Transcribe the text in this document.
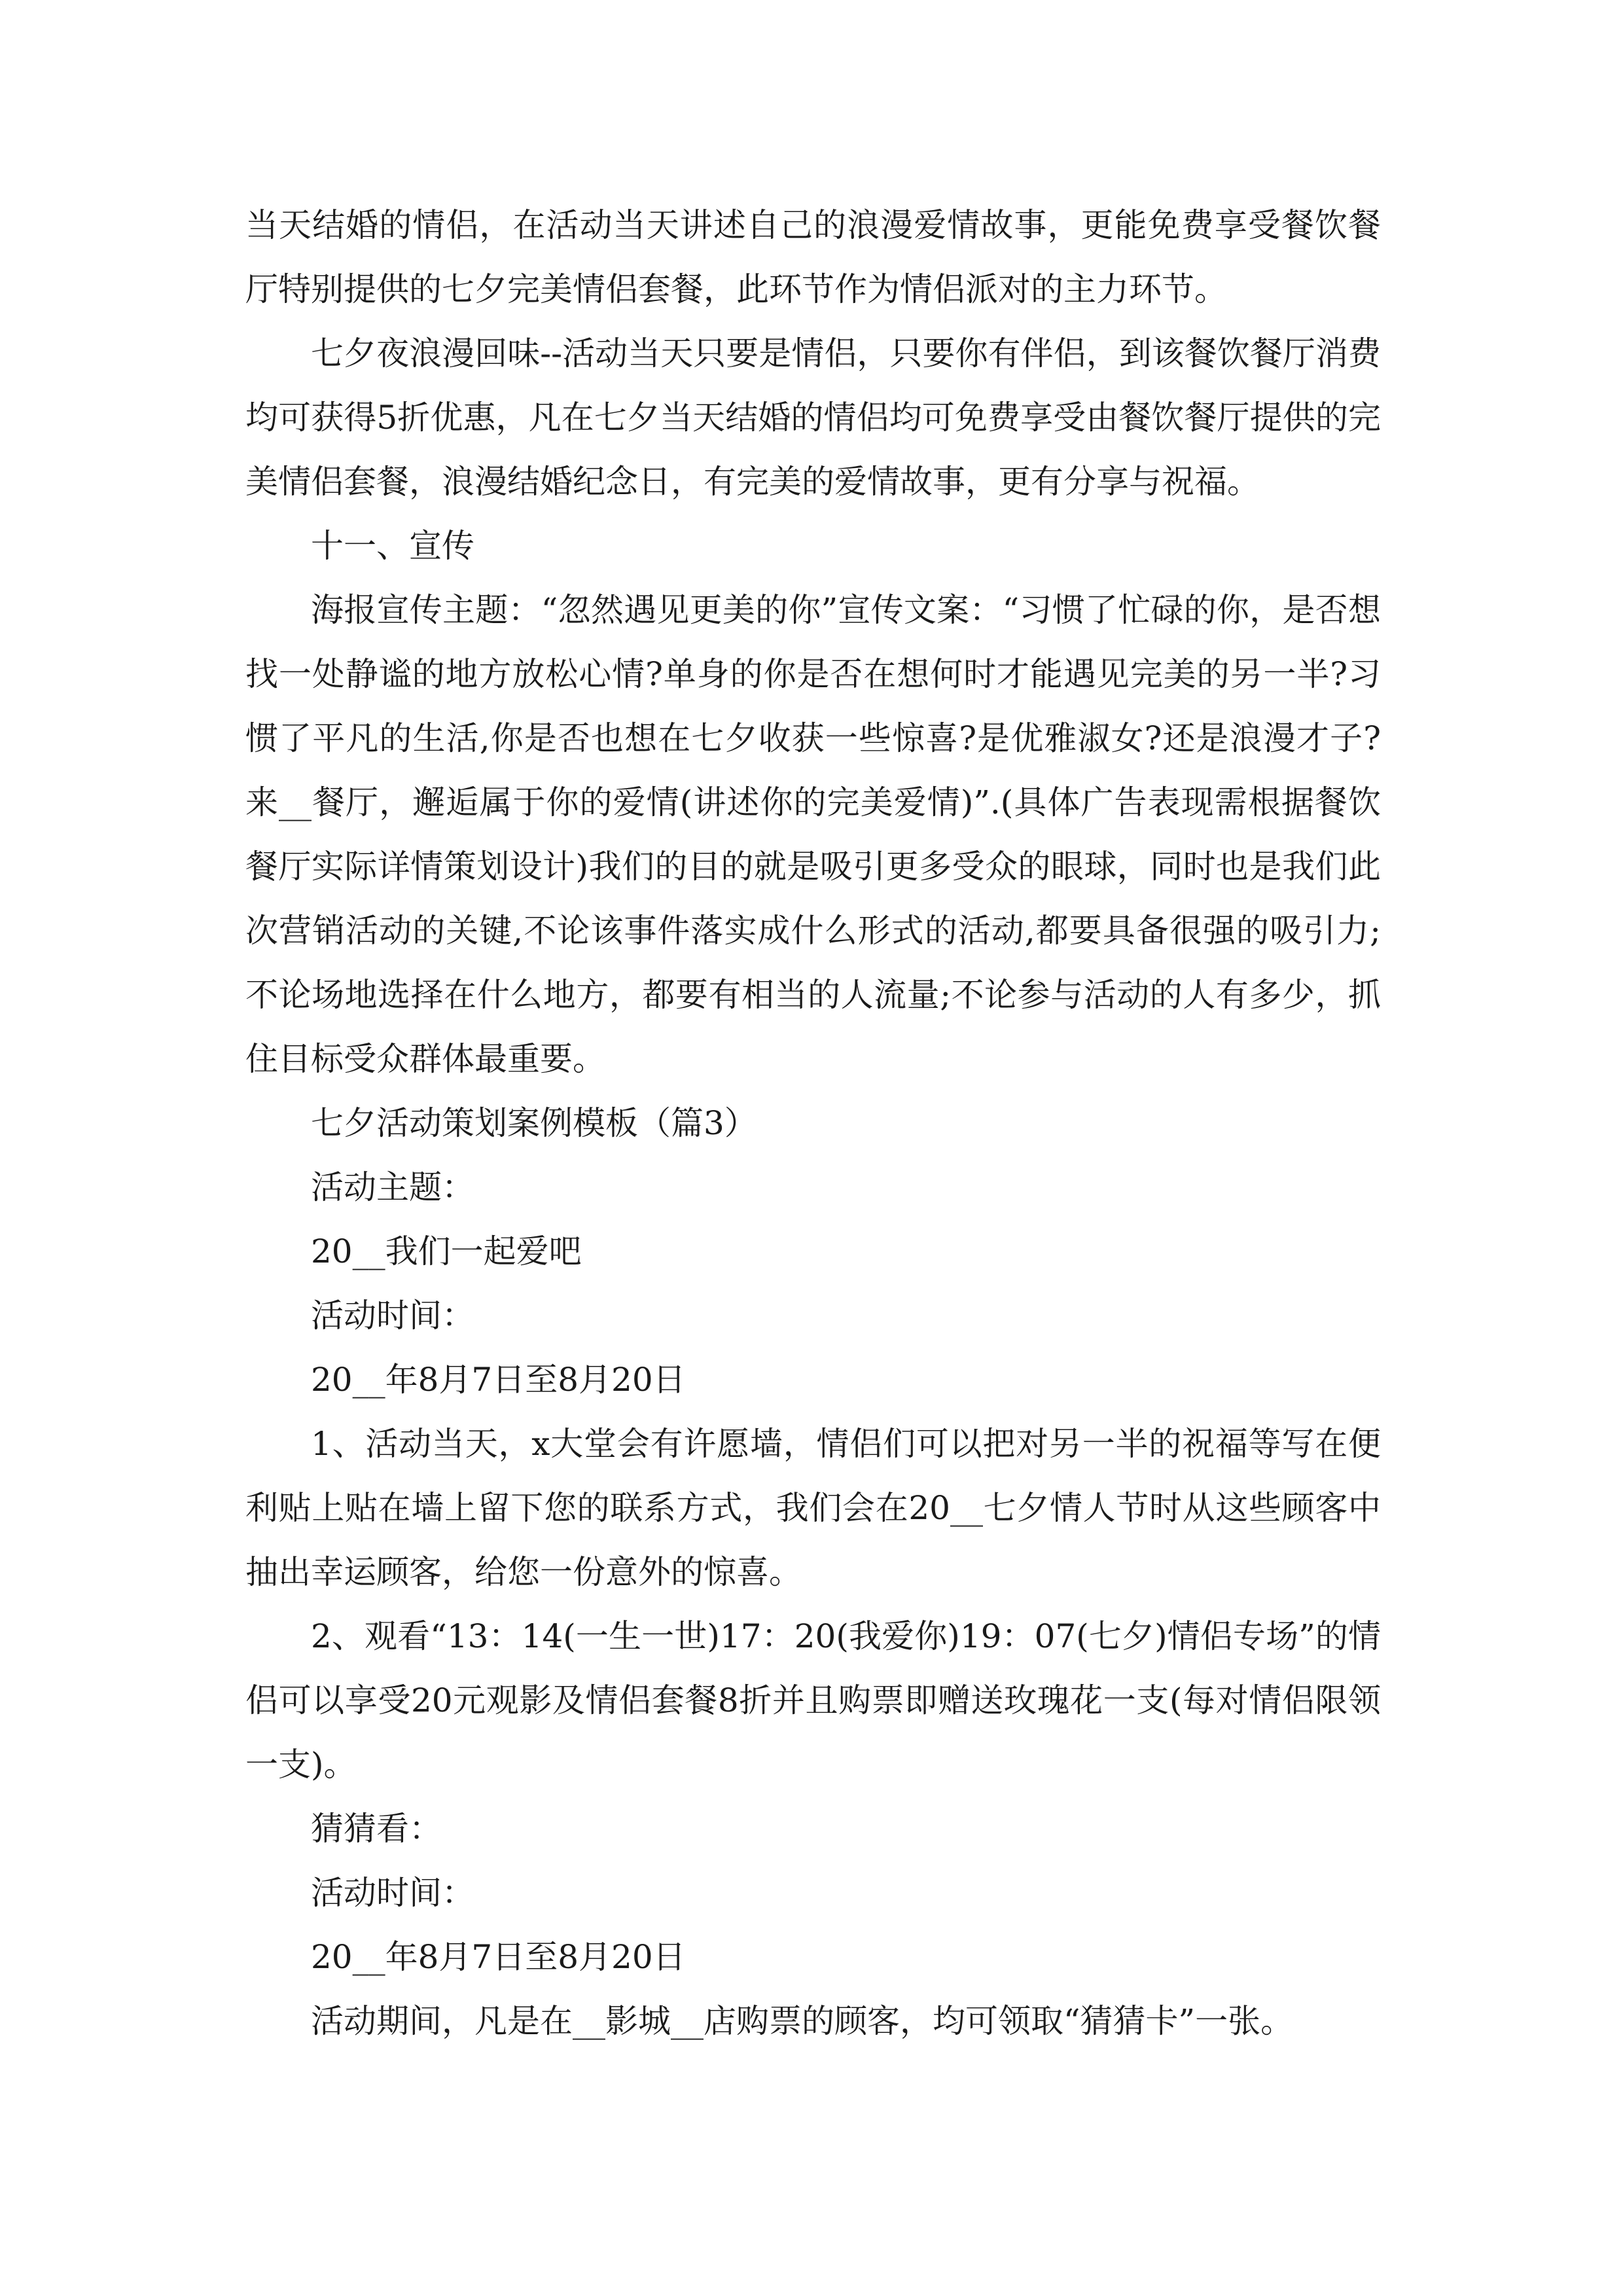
当天结婚的情侣，在活动当天讲述自己的浪漫爱情故事，更能免费享受餐饮餐厅特别提供的七夕完美情侣套餐，此环节作为情侣派对的主力环节。

七夕夜浪漫回味--活动当天只要是情侣，只要你有伴侣，到该餐饮餐厅消费均可获得5折优惠，凡在七夕当天结婚的情侣均可免费享受由餐饮餐厅提供的完美情侣套餐，浪漫结婚纪念日，有完美的爱情故事，更有分享与祝福。

十一、宣传

海报宣传主题：“忽然遇见更美的你”宣传文案：“习惯了忙碌的你，是否想找一处静谧的地方放松心情?单身的你是否在想何时才能遇见完美的另一半?习惯了平凡的生活,你是否也想在七夕收获一些惊喜?是优雅淑女?还是浪漫才子?来__餐厅，邂逅属于你的爱情(讲述你的完美爱情)”.(具体广告表现需根据餐饮餐厅实际详情策划设计)我们的目的就是吸引更多受众的眼球，同时也是我们此次营销活动的关键,不论该事件落实成什么形式的活动,都要具备很强的吸引力;不论场地选择在什么地方，都要有相当的人流量;不论参与活动的人有多少，抓住目标受众群体最重要。

七夕活动策划案例模板（篇3）

活动主题：

20__我们一起爱吧

活动时间：

20__年8月7日至8月20日

1、活动当天，x大堂会有许愿墙，情侣们可以把对另一半的祝福等写在便利贴上贴在墙上留下您的联系方式，我们会在20__七夕情人节时从这些顾客中抽出幸运顾客，给您一份意外的惊喜。

2、观看“13：14(一生一世)17：20(我爱你)19：07(七夕)情侣专场”的情侣可以享受20元观影及情侣套餐8折并且购票即赠送玫瑰花一支(每对情侣限领一支)。

猜猜看：

活动时间：

20__年8月7日至8月20日

活动期间，凡是在__影城__店购票的顾客，均可领取“猜猜卡”一张。
